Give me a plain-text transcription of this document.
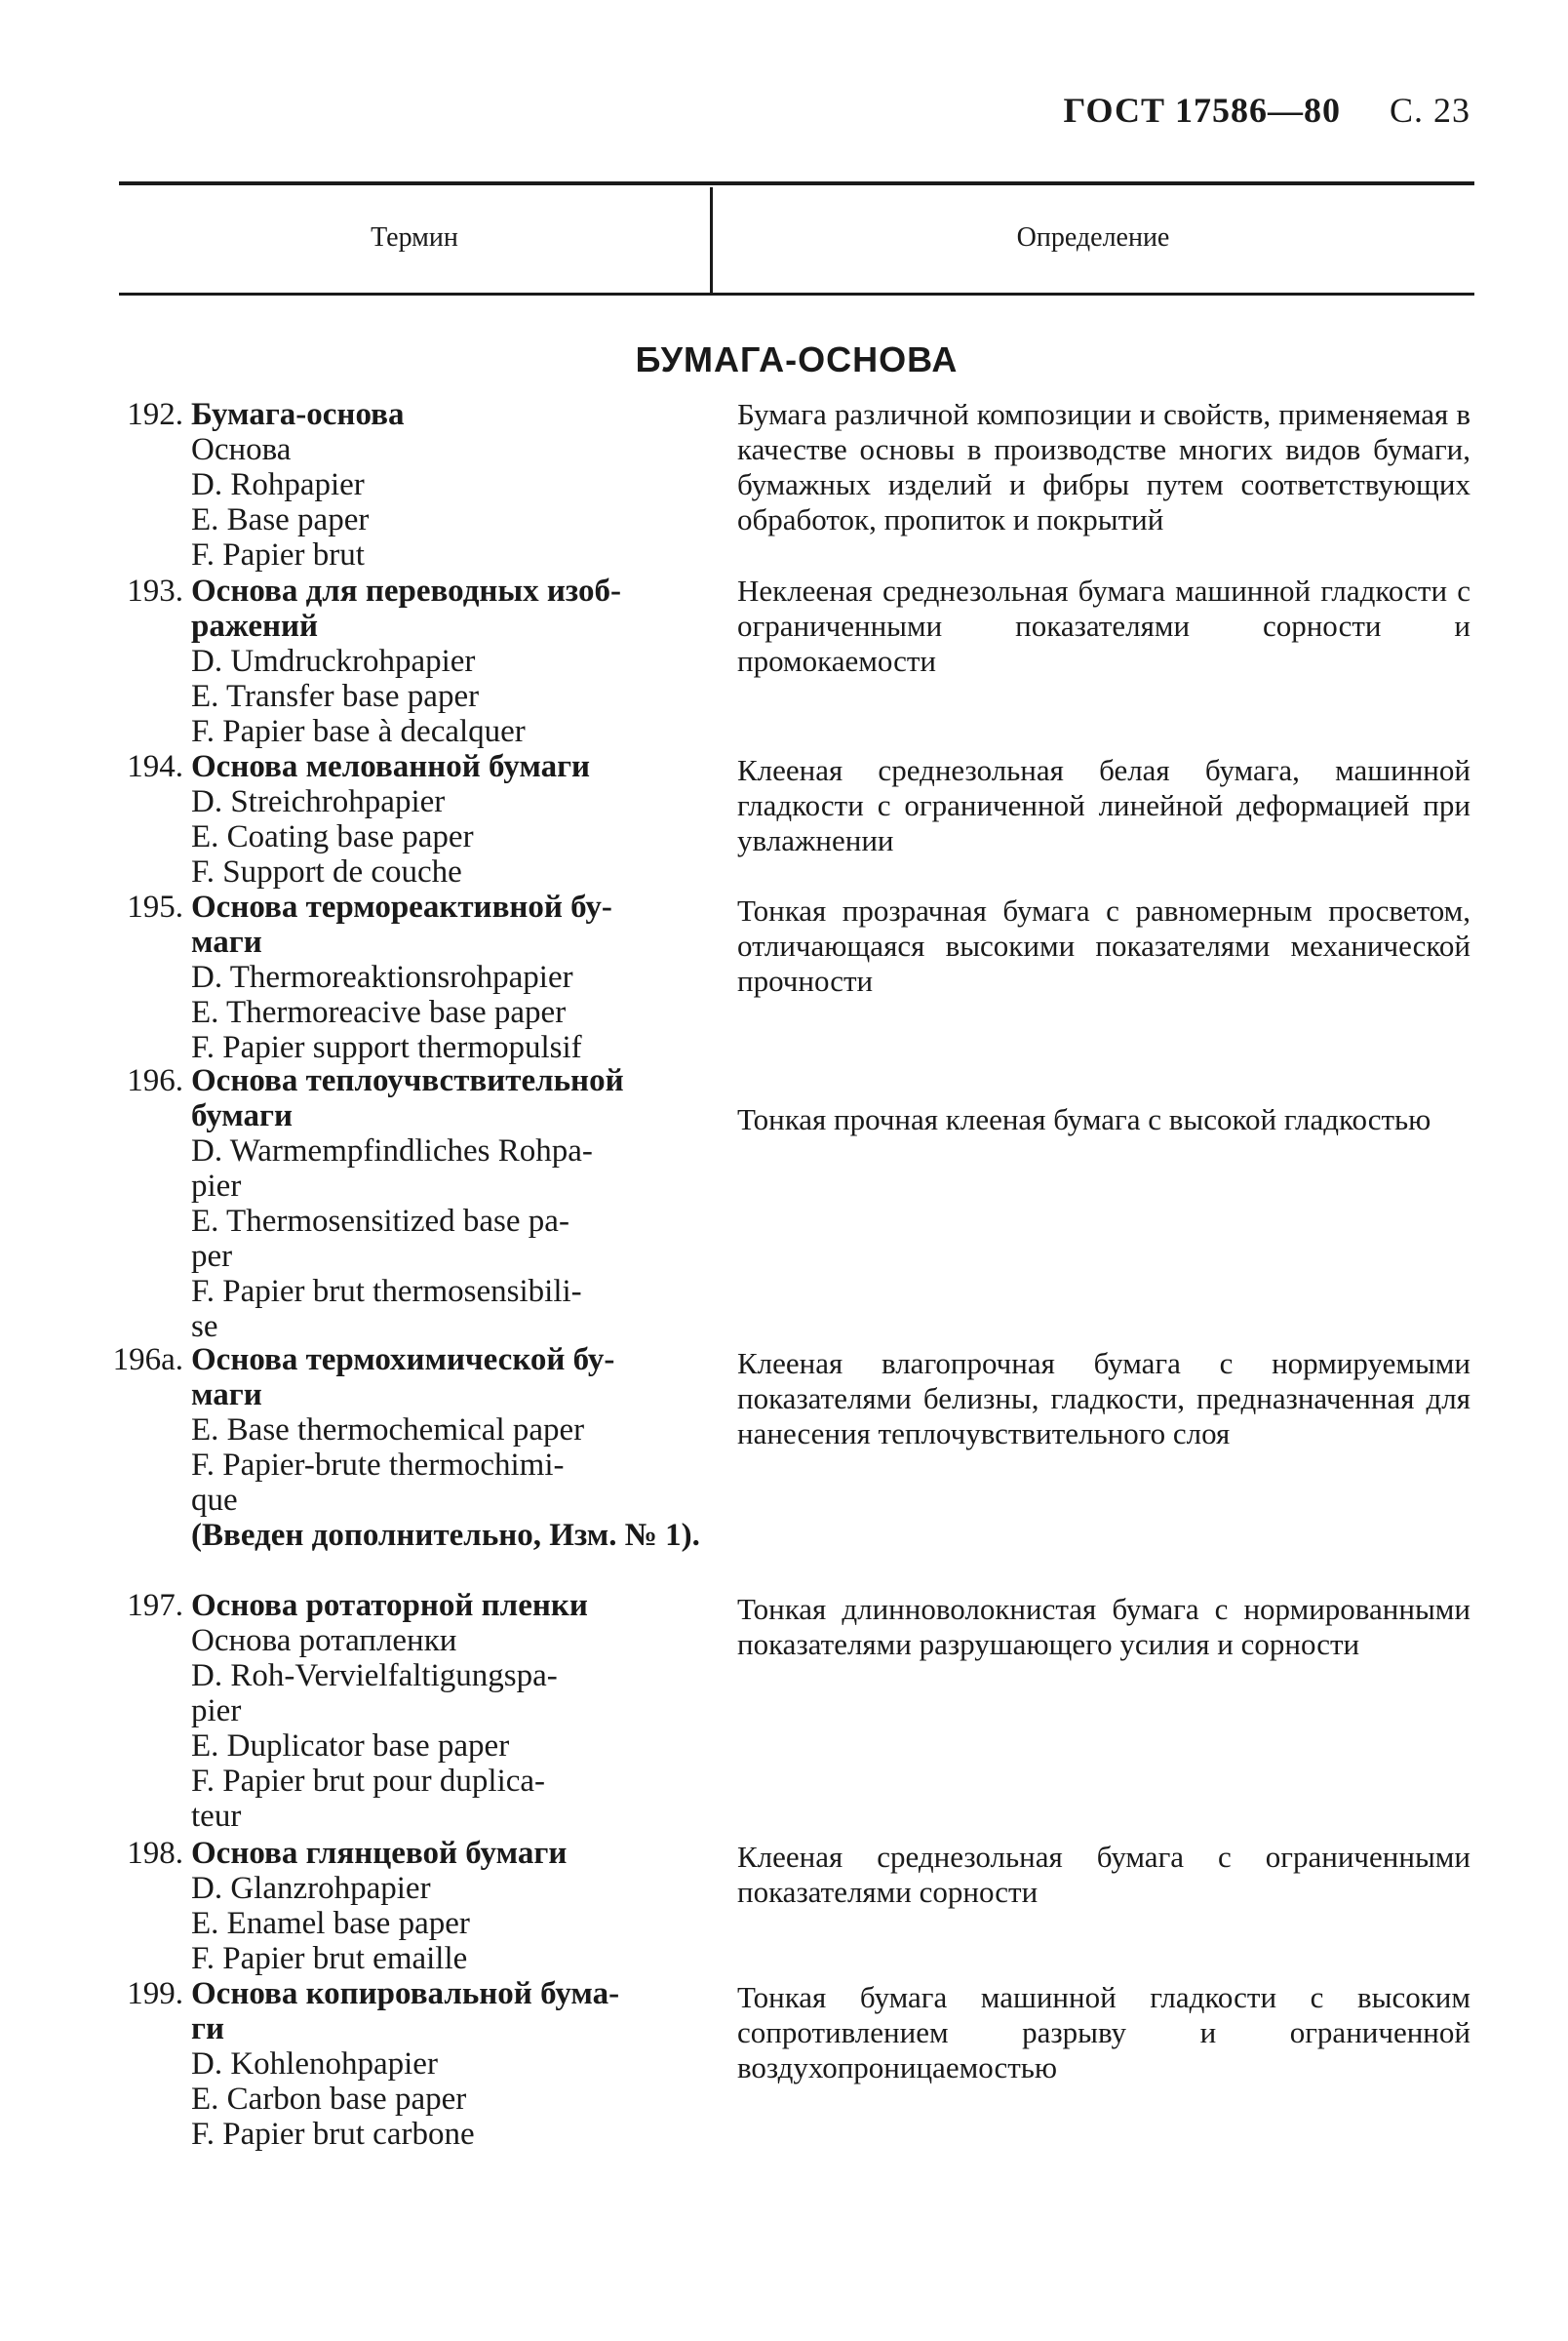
ГОСТ 17586—80 С. 23
Термин	Определение
БУМАГА-ОСНОВА
192. Бумага-основа
Основа
D. Rohpapier
E. Base paper
F. Papier brut

Бумага различной композиции и свойств, применяемая в качестве основы в производстве многих видов бумаги, бумажных изделий и фибры путем соответствующих обработок, пропиток и покрытий

193. Основа для переводных изоб-
ражений
D. Umdruckrohpapier
E. Transfer base paper
F. Papier base à decalquer

Неклееная среднезольная бумага машинной гладкости с ограниченными показателями сорности и промокаемости

194. Основа мелованной бумаги
D. Streichrohpapier
E. Coating base paper
F. Support de couche

Клееная среднезольная белая бумага, машинной гладкости с ограниченной линейной деформацией при увлажнении

195. Основа термореактивной бу-
маги
D. Thermoreaktionsrohpapier
E. Thermoreacive base paper
F. Papier support thermopulsif

Тонкая прозрачная бумага с равномерным просветом, отличающаяся высокими показателями механической прочности

196. Основа теплоучвствительной
бумаги
D. Warmempfindliches Rohpa-
pier
E. Thermosensitized base pa-
per
F. Papier brut thermosensibili-
se

Тонкая прочная клееная бумага с высокой гладкостью

196а. Основа термохимической бу-
маги
E. Base thermochemical paper
F. Papier-brute thermochimi-
que
(Введен дополнительно, Изм. № 1).

Клееная влагопрочная бумага с нормируемыми показателями белизны, гладкости, предназначенная для нанесения теплочувствительного слоя

197. Основа ротаторной пленки
Основа ротапленки
D. Roh-Vervielfaltigungspa-
pier
E. Duplicator base paper
F. Papier brut pour duplica-
teur

Тонкая длинноволокнистая бумага с нормированными показателями разрушающего усилия и сорности

198. Основа глянцевой бумаги
D. Glanzrohpapier
E. Enamel base paper
F. Papier brut emaille

Клееная среднезольная бумага с ограниченными показателями сорности

199. Основа копировальной бума-
ги
D. Kohlenohpapier
E. Carbon base paper
F. Papier brut carbone

Тонкая бумага машинной гладкости с высоким сопротивлением разрыву и ограниченной воздухопроницаемостью
